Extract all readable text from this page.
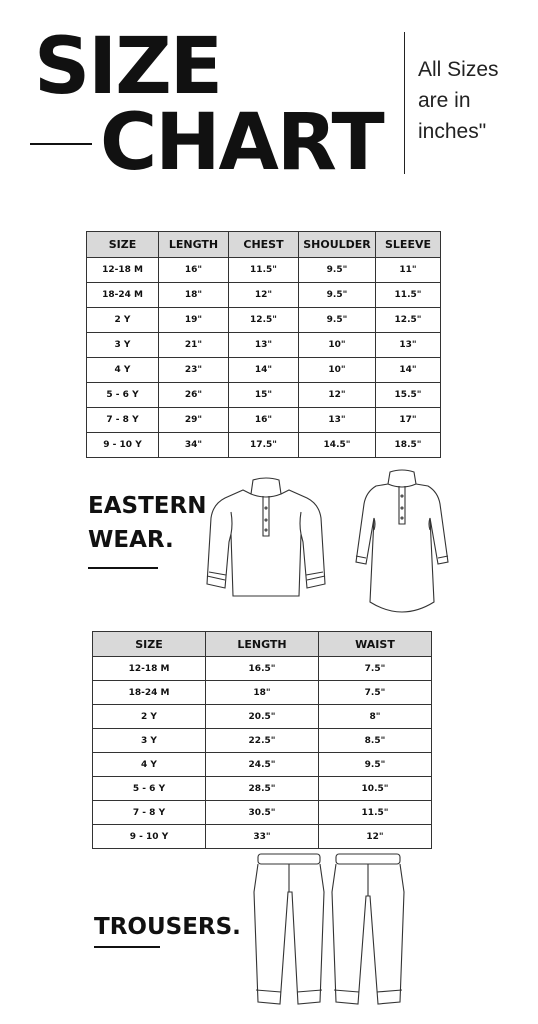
SIZE
CHART
All Sizes are in inches"
SIZE	LENGTH	CHEST	SHOULDER	SLEEVE
12-18 M	16"	11.5"	9.5"	11"
18-24 M	18"	12"	9.5"	11.5"
2 Y	19"	12.5"	9.5"	12.5"
3 Y	21"	13"	10"	13"
4 Y	23"	14"	10"	14"
5 - 6 Y	26"	15"	12"	15.5"
7 - 8 Y	29"	16"	13"	17"
9 - 10 Y	34"	17.5"	14.5"	18.5"
EASTERN WEAR.
SIZE	LENGTH	WAIST
12-18 M	16.5"	7.5"
18-24 M	18"	7.5"
2 Y	20.5"	8"
3 Y	22.5"	8.5"
4 Y	24.5"	9.5"
5 - 6 Y	28.5"	10.5"
7 - 8 Y	30.5"	11.5"
9 - 10 Y	33"	12"
TROUSERS.
